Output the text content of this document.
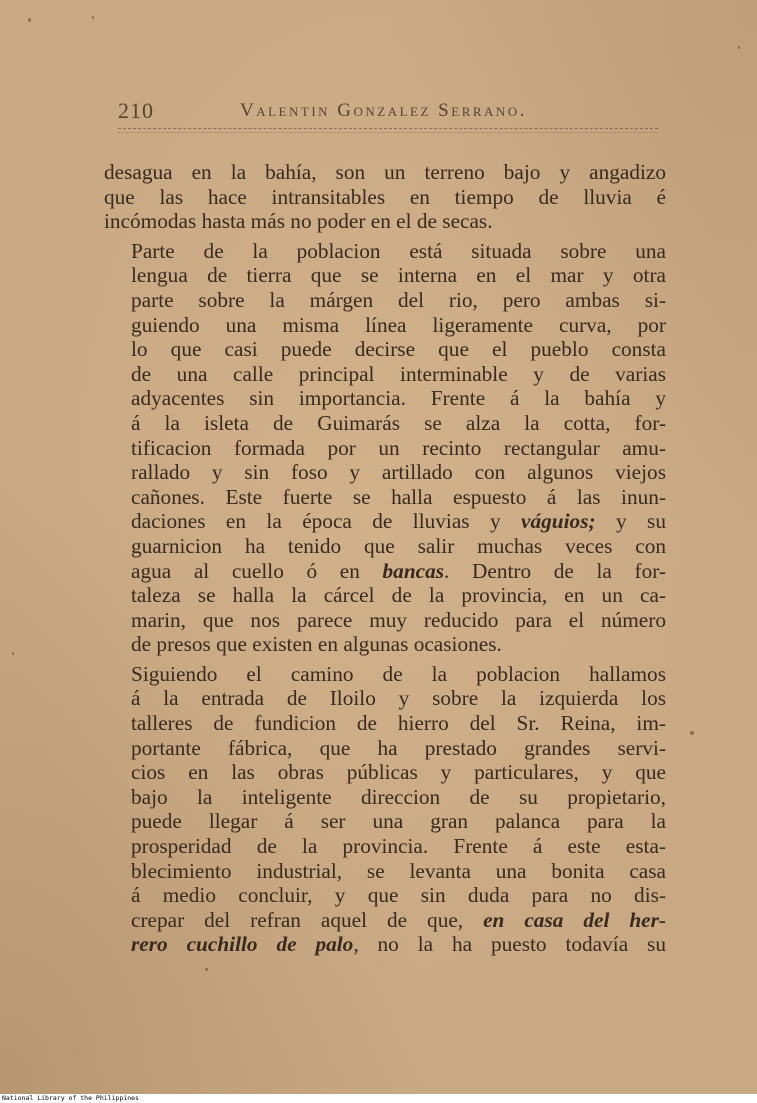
210	Valentin Gonzalez Serrano.

desagua en la bahía, son un terreno bajo y angadizo
que las hace intransitables en tiempo de lluvia é
incómodas hasta más no poder en el de secas.

Parte de la poblacion está situada sobre una
lengua de tierra que se interna en el mar y otra
parte sobre la márgen del rio, pero ambas si-
guiendo una misma línea ligeramente curva, por
lo que casi puede decirse que el pueblo consta
de una calle principal interminable y de varias
adyacentes sin importancia. Frente á la bahía y
á la isleta de Guimarás se alza la cotta, for-
tificacion formada por un recinto rectangular amu-
rallado y sin foso y artillado con algunos viejos
cañones. Este fuerte se halla espuesto á las inun-
daciones en la época de lluvias y váguios; y su
guarnicion ha tenido que salir muchas veces con
agua al cuello ó en bancas. Dentro de la for-
taleza se halla la cárcel de la provincia, en un ca-
marin, que nos parece muy reducido para el número
de presos que existen en algunas ocasiones.

Siguiendo el camino de la poblacion hallamos
á la entrada de Iloilo y sobre la izquierda los
talleres de fundicion de hierro del Sr. Reina, im-
portante fábrica, que ha prestado grandes servi-
cios en las obras públicas y particulares, y que
bajo la inteligente direccion de su propietario,
puede llegar á ser una gran palanca para la
prosperidad de la provincia. Frente á este esta-
blecimiento industrial, se levanta una bonita casa
á medio concluir, y que sin duda para no dis-
crepar del refran aquel de que, en casa del her-
rero cuchillo de palo, no la ha puesto todavía su

National Library of the Philippines
